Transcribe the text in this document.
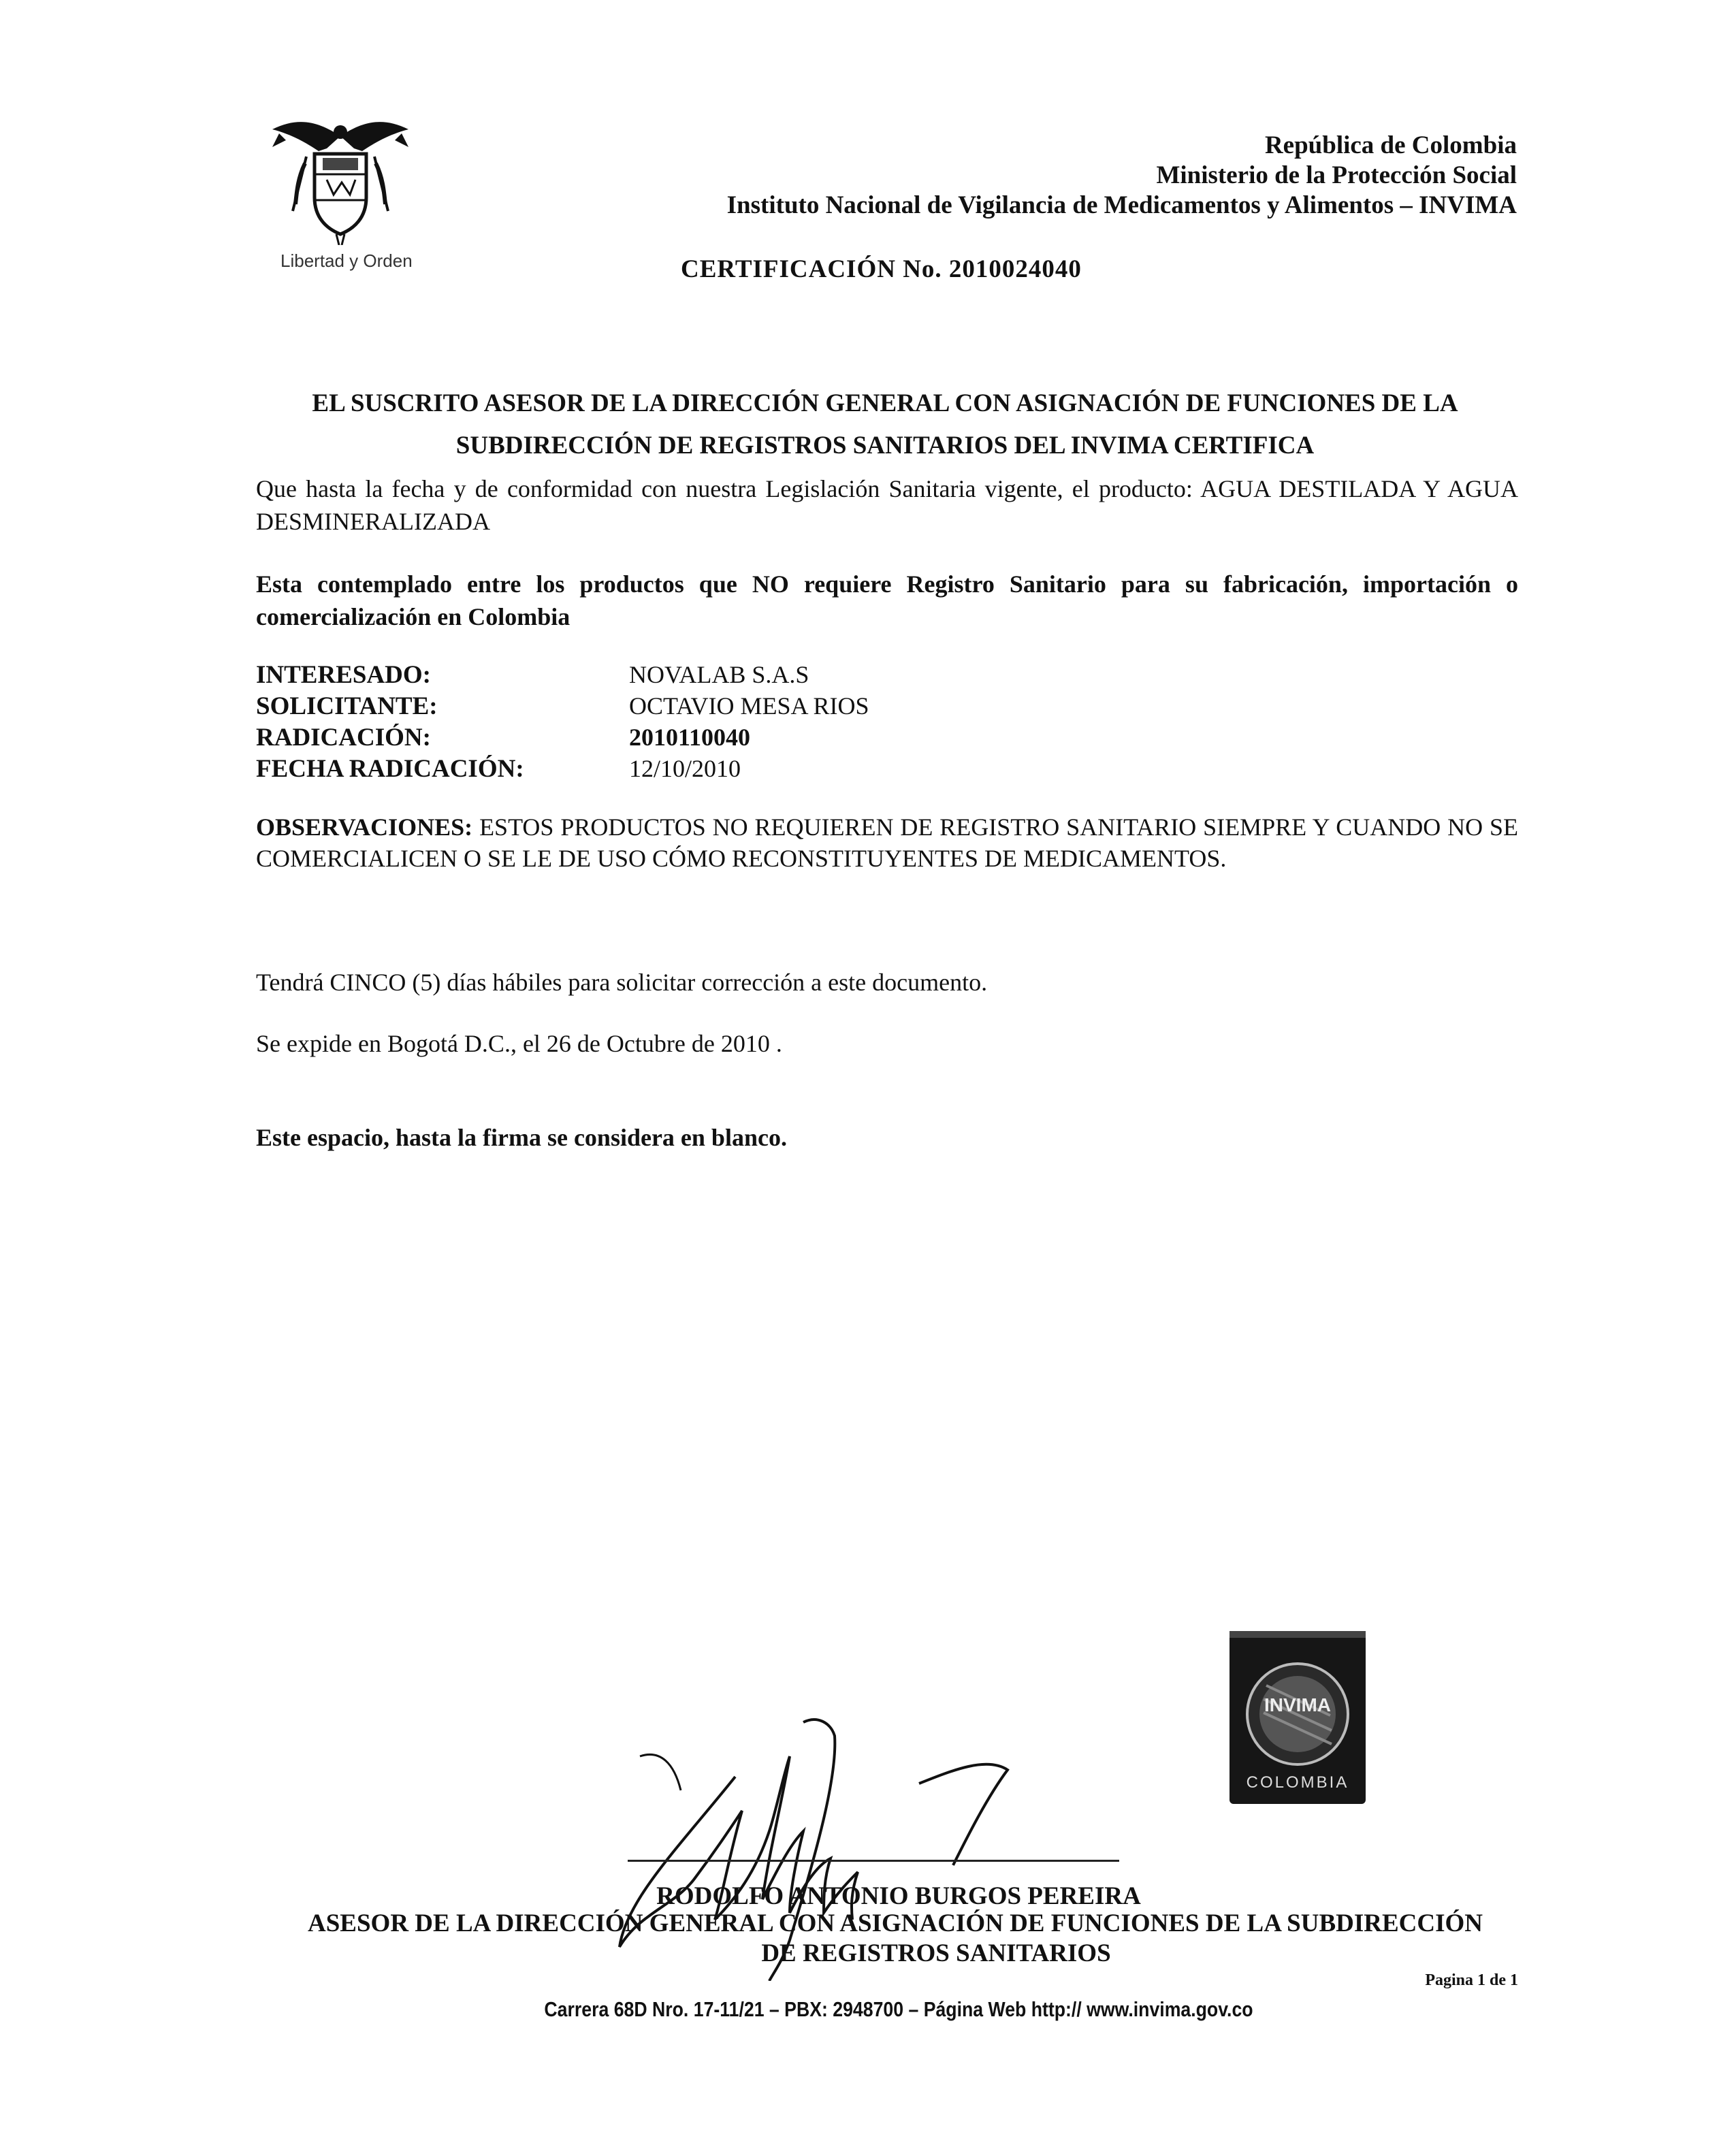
Libertad y Orden
República de Colombia
Ministerio de la Protección Social
Instituto Nacional de Vigilancia de Medicamentos y Alimentos – INVIMA
CERTIFICACIÓN No. 2010024040
EL SUSCRITO ASESOR DE LA DIRECCIÓN GENERAL CON ASIGNACIÓN DE FUNCIONES DE LA
SUBDIRECCIÓN DE REGISTROS SANITARIOS DEL INVIMA CERTIFICA
Que hasta la fecha y de conformidad con nuestra Legislación Sanitaria vigente, el producto: AGUA DESTILADA Y AGUA DESMINERALIZADA
Esta contemplado entre los productos que NO requiere Registro Sanitario para su fabricación, importación o comercialización en Colombia
INTERESADO:	NOVALAB S.A.S
SOLICITANTE:	OCTAVIO MESA RIOS
RADICACIÓN:	2010110040
FECHA RADICACIÓN:	12/10/2010
OBSERVACIONES: ESTOS PRODUCTOS NO REQUIEREN DE REGISTRO SANITARIO SIEMPRE Y CUANDO NO SE COMERCIALICEN O SE LE DE USO CÓMO RECONSTITUYENTES DE MEDICAMENTOS.
Tendrá CINCO (5) días hábiles para solicitar corrección a este documento.
Se expide en Bogotá D.C., el 26 de Octubre de 2010 .
Este espacio, hasta la firma se considera en blanco.
INVIMA
COLOMBIA
RODOLFO ANTONIO BURGOS PEREIRA
ASESOR DE LA DIRECCIÓN GENERAL CON ASIGNACIÓN DE FUNCIONES DE LA SUBDIRECCIÓN
DE REGISTROS SANITARIOS
Pagina 1 de 1
Carrera 68D Nro. 17-11/21 – PBX: 2948700 – Página Web http:// www.invima.gov.co
